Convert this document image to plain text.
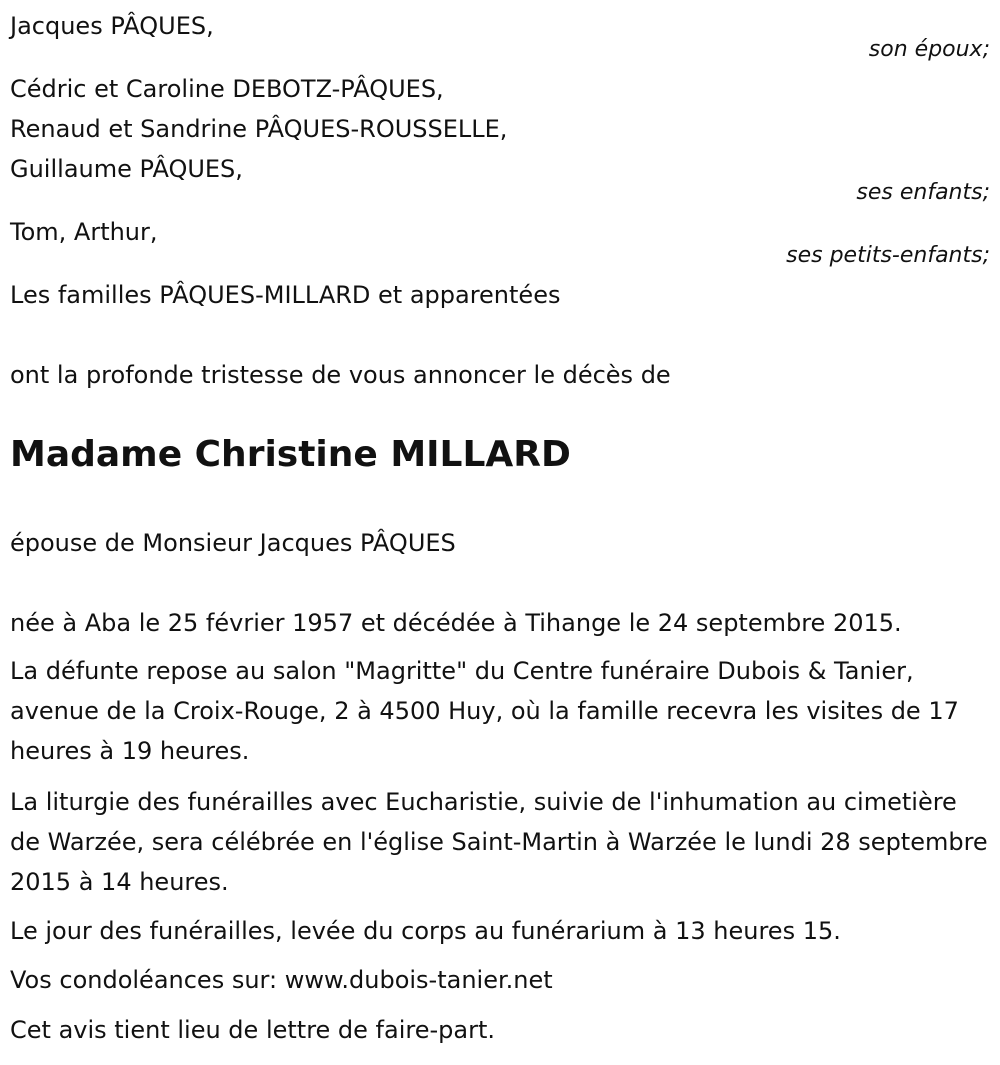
Jacques PÂQUES,
son époux;
Cédric et Caroline DEBOTZ-PÂQUES,
Renaud et Sandrine PÂQUES-ROUSSELLE,
Guillaume PÂQUES,
ses enfants;
Tom, Arthur,
ses petits-enfants;
Les familles PÂQUES-MILLARD et apparentées
ont la profonde tristesse de vous annoncer le décès de
Madame Christine MILLARD
épouse de Monsieur Jacques PÂQUES
née à Aba le 25 février 1957 et décédée à Tihange le 24 septembre 2015.
La défunte repose au salon "Magritte" du Centre funéraire Dubois & Tanier, avenue de la Croix-Rouge, 2 à 4500 Huy, où la famille recevra les visites de 17 heures à 19 heures.
La liturgie des funérailles avec Eucharistie, suivie de l'inhumation au cimetière de Warzée, sera célébrée en l'église Saint-Martin à Warzée le lundi 28 septembre 2015 à 14 heures.
Le jour des funérailles, levée du corps au funérarium à 13 heures 15.
Vos condoléances sur: www.dubois-tanier.net
Cet avis tient lieu de lettre de faire-part.
